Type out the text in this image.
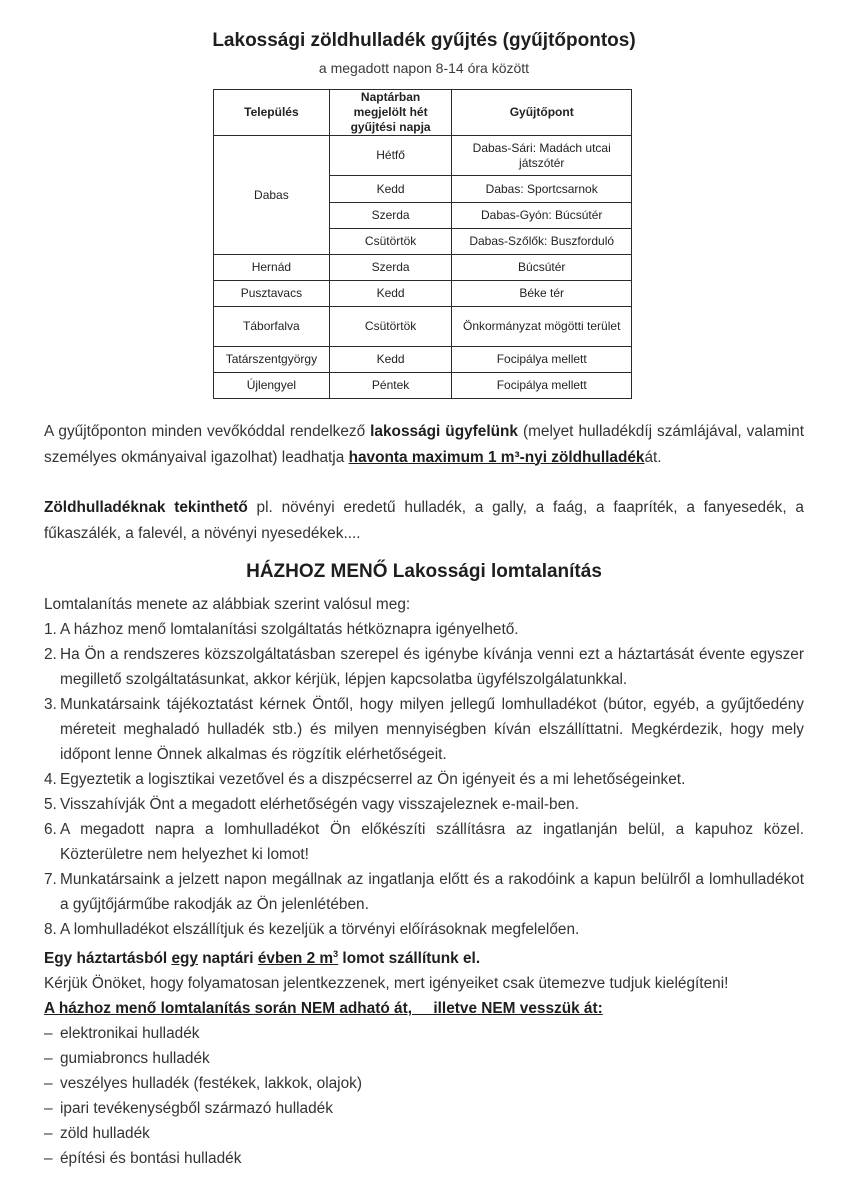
Lakossági zöldhulladék gyűjtés (gyűjtőpontos)
a megadott napon 8-14 óra között
Település	Naptárban megjelölt hét gyűjtési napja	Gyűjtőpont
Dabas	Hétfő	Dabas-Sári: Madách utcai játszótér
	Kedd	Dabas: Sportcsarnok
	Szerda	Dabas-Gyón: Búcsútér
	Csütörtök	Dabas-Szőlők: Buszforduló
Hernád	Szerda	Búcsútér
Pusztavacs	Kedd	Béke tér
Táborfalva	Csütörtök	Önkormányzat mögötti terület
Tatárszentgyörgy	Kedd	Focipálya mellett
Újlengyel	Péntek	Focipálya mellett

A gyűjtőponton minden vevőkóddal rendelkező lakossági ügyfelünk (melyet hulladékdíj számlájával, valamint személyes okmányaival igazolhat) leadhatja havonta maximum 1 m³-nyi zöldhulladékát.

Zöldhulladéknak tekinthető pl. növényi eredetű hulladék, a gally, a faág, a faapríték, a fanyesedék, a fűkaszálék, a falevél, a növényi nyesedékek....

HÁZHOZ MENŐ Lakossági lomtalanítás

Lomtalanítás menete az alábbiak szerint valósul meg:

1. A házhoz menő lomtalanítási szolgáltatás hétköznapra igényelhető.
2. Ha Ön a rendszeres közszolgáltatásban szerepel és igénybe kívánja venni ezt a háztartását évente egyszer megillető szolgáltatásunkat, akkor kérjük, lépjen kapcsolatba ügyfélszolgálatunkkal.
3. Munkatársaink tájékoztatást kérnek Öntől, hogy milyen jellegű lomhulladékot (bútor, egyéb, a gyűjtőedény méreteit meghaladó hulladék stb.) és milyen mennyiségben kíván elszállíttatni. Megkérdezik, hogy mely időpont lenne Önnek alkalmas és rögzítik elérhetőségeit.
4. Egyeztetik a logisztikai vezetővel és a diszpécserrel az Ön igényeit és a mi lehetőségeinket.
5. Visszahívják Önt a megadott elérhetőségén vagy visszajeleznek e-mail-ben.
6. A megadott napra a lomhulladékot Ön előkészíti szállításra az ingatlanján belül, a kapuhoz közel. Közterületre nem helyezhet ki lomot!
7. Munkatársaink a jelzett napon megállnak az ingatlanja előtt és a rakodóink a kapun belülről a lomhulladékot a gyűjtőjárműbe rakodják az Ön jelenlétében.
8. A lomhulladékot elszállítjuk és kezeljük a törvényi előírásoknak megfelelően.

Egy háztartásból egy naptári évben 2 $m^3$ lomot szállítunk el.

Kérjük Önöket, hogy folyamatosan jelentkezzenek, mert igényeiket csak ütemezve tudjuk kielégíteni!

A házhoz menő lomtalanítás során NEM adható át,     illetve NEM vesszük át:

– elektronikai hulladék
– gumiabroncs hulladék
– veszélyes hulladék (festékek, lakkok, olajok)
– ipari tevékenységből származó hulladék
– zöld hulladék
– építési és bontási hulladék
